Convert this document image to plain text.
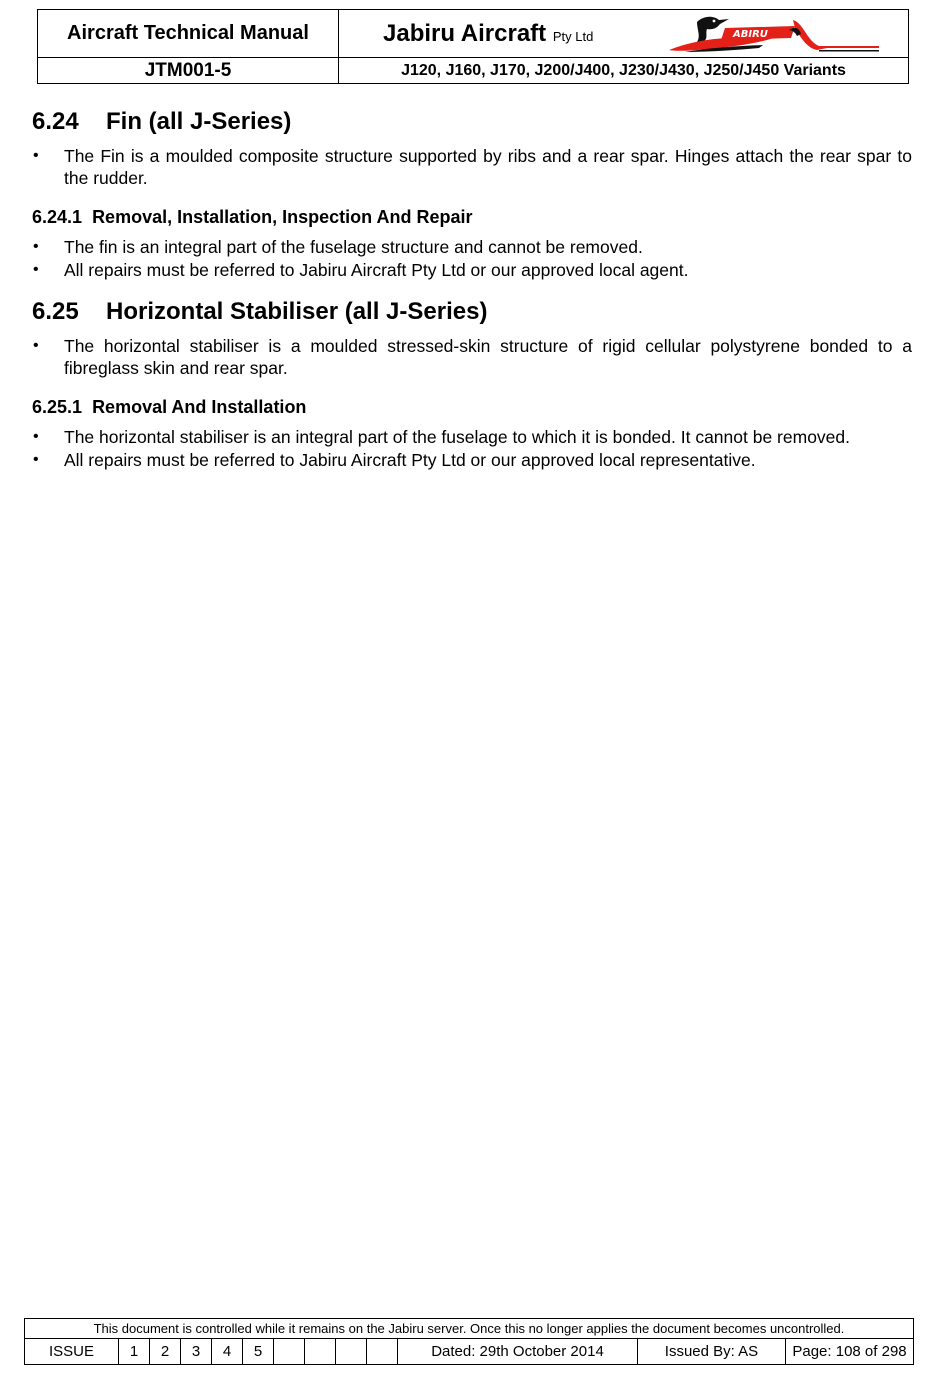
Aircraft Technical Manual	Jabiru Aircraft Pty Ltd	ABIRU
JTM001-5	J120, J160, J170, J200/J400, J230/J430, J250/J450 Variants
6.24	Fin (all J-Series)
• The Fin is a moulded composite structure supported by ribs and a rear spar. Hinges attach the rear spar to the rudder.
6.24.1 Removal, Installation, Inspection And Repair
• The fin is an integral part of the fuselage structure and cannot be removed.
• All repairs must be referred to Jabiru Aircraft Pty Ltd or our approved local agent.
6.25	Horizontal Stabiliser (all J-Series)
• The horizontal stabiliser is a moulded stressed-skin structure of rigid cellular polystyrene bonded to a fibreglass skin and rear spar.
6.25.1 Removal And Installation
• The horizontal stabiliser is an integral part of the fuselage to which it is bonded. It cannot be removed.
• All repairs must be referred to Jabiru Aircraft Pty Ltd or our approved local representative.
This document is controlled while it remains on the Jabiru server. Once this no longer applies the document becomes uncontrolled.
ISSUE	1	2	3	4	5	Dated: 29th October 2014	Issued By: AS	Page: 108 of 298
